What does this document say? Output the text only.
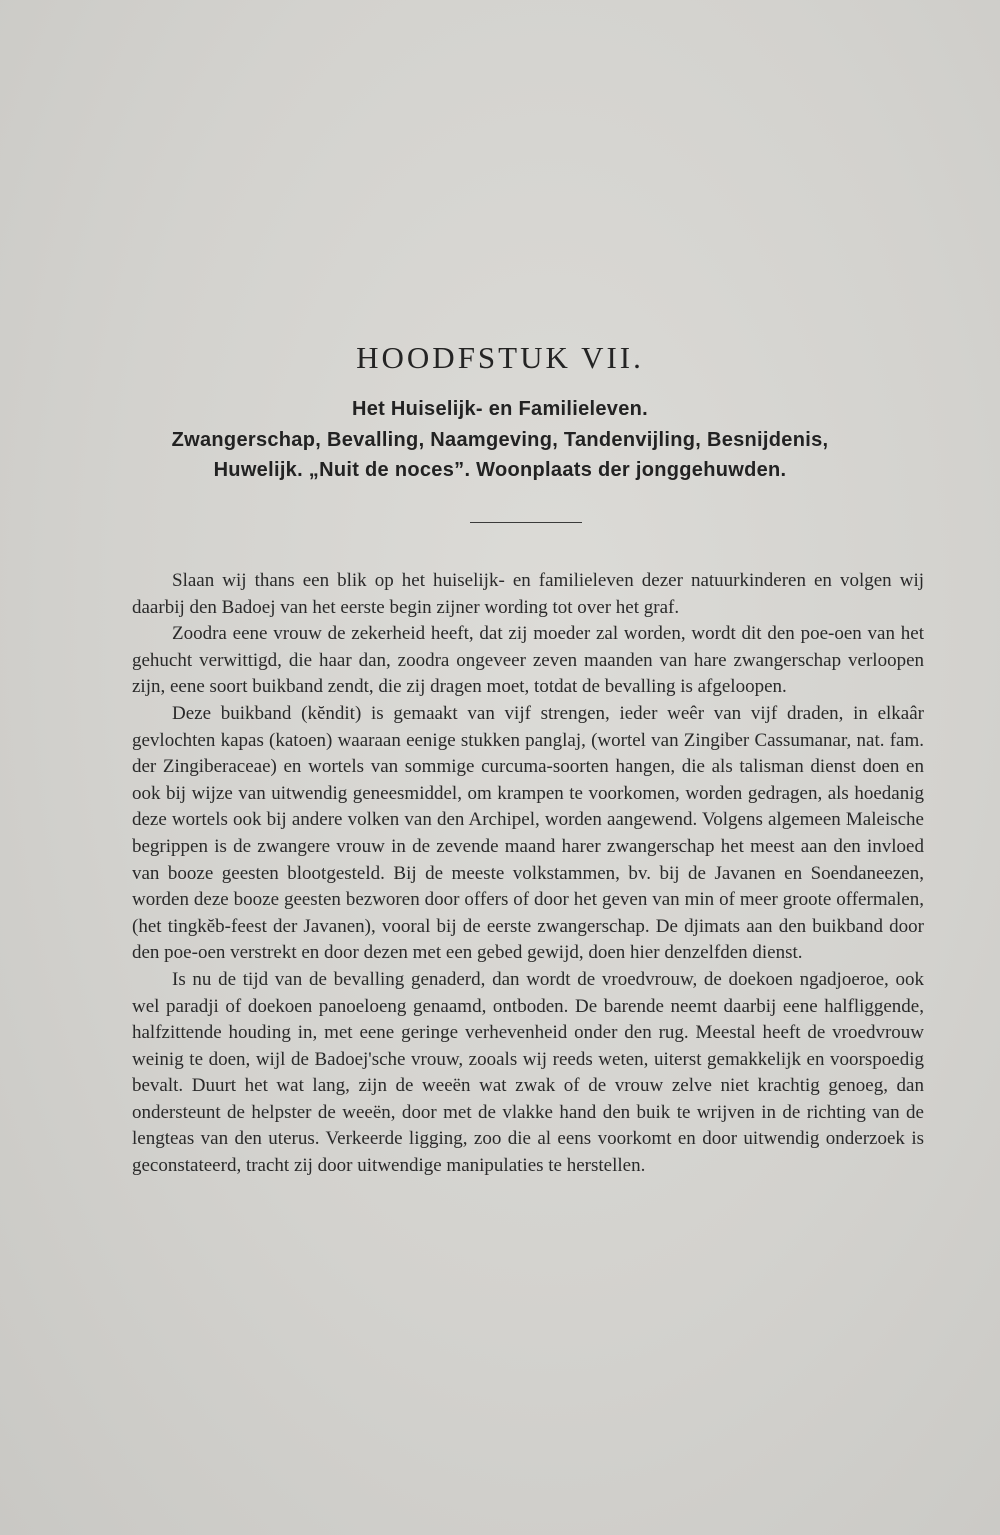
HOODFSTUK VII.
Het Huiselijk- en Familieleven.
Zwangerschap, Bevalling, Naamgeving, Tandenvijling, Besnijdenis,
Huwelijk. „Nuit de noces”. Woonplaats der jonggehuwden.

Slaan wij thans een blik op het huiselijk- en familieleven dezer natuurkinderen en volgen wij daarbij den Badoej van het eerste begin zijner wording tot over het graf.

Zoodra eene vrouw de zekerheid heeft, dat zij moeder zal worden, wordt dit den poe-oen van het gehucht verwittigd, die haar dan, zoodra ongeveer zeven maanden van hare zwangerschap verloopen zijn, eene soort buikband zendt, die zij dragen moet, totdat de bevalling is afgeloopen.

Deze buikband (kĕndit) is gemaakt van vijf strengen, ieder weêr van vijf draden, in elkaâr gevlochten kapas (katoen) waaraan eenige stukken panglaj, (wortel van Zingiber Cassumanar, nat. fam. der Zingiberaceae) en wortels van sommige curcuma-soorten hangen, die als talisman dienst doen en ook bij wijze van uitwendig geneesmiddel, om krampen te voorkomen, worden gedragen, als hoedanig deze wortels ook bij andere volken van den Archipel, worden aangewend. Volgens algemeen Maleische begrippen is de zwangere vrouw in de zevende maand harer zwangerschap het meest aan den invloed van booze geesten blootgesteld. Bij de meeste volkstammen, bv. bij de Javanen en Soendaneezen, worden deze booze geesten bezworen door offers of door het geven van min of meer groote offermalen, (het tingkĕb-feest der Javanen), vooral bij de eerste zwangerschap. De djimats aan den buikband door den poe-oen verstrekt en door dezen met een gebed gewijd, doen hier denzelfden dienst.

Is nu de tijd van de bevalling genaderd, dan wordt de vroedvrouw, de doekoen ngadjoeroe, ook wel paradji of doekoen panoeloeng genaamd, ontboden. De barende neemt daarbij eene halfliggende, halfzittende houding in, met eene geringe verhevenheid onder den rug. Meestal heeft de vroedvrouw weinig te doen, wijl de Badoej'sche vrouw, zooals wij reeds weten, uiterst gemakkelijk en voorspoedig bevalt. Duurt het wat lang, zijn de weeën wat zwak of de vrouw zelve niet krachtig genoeg, dan ondersteunt de helpster de weeën, door met de vlakke hand den buik te wrijven in de richting van de lengteas van den uterus. Verkeerde ligging, zoo die al eens voorkomt en door uitwendig onderzoek is geconstateerd, tracht zij door uitwendige manipulaties te herstellen.
